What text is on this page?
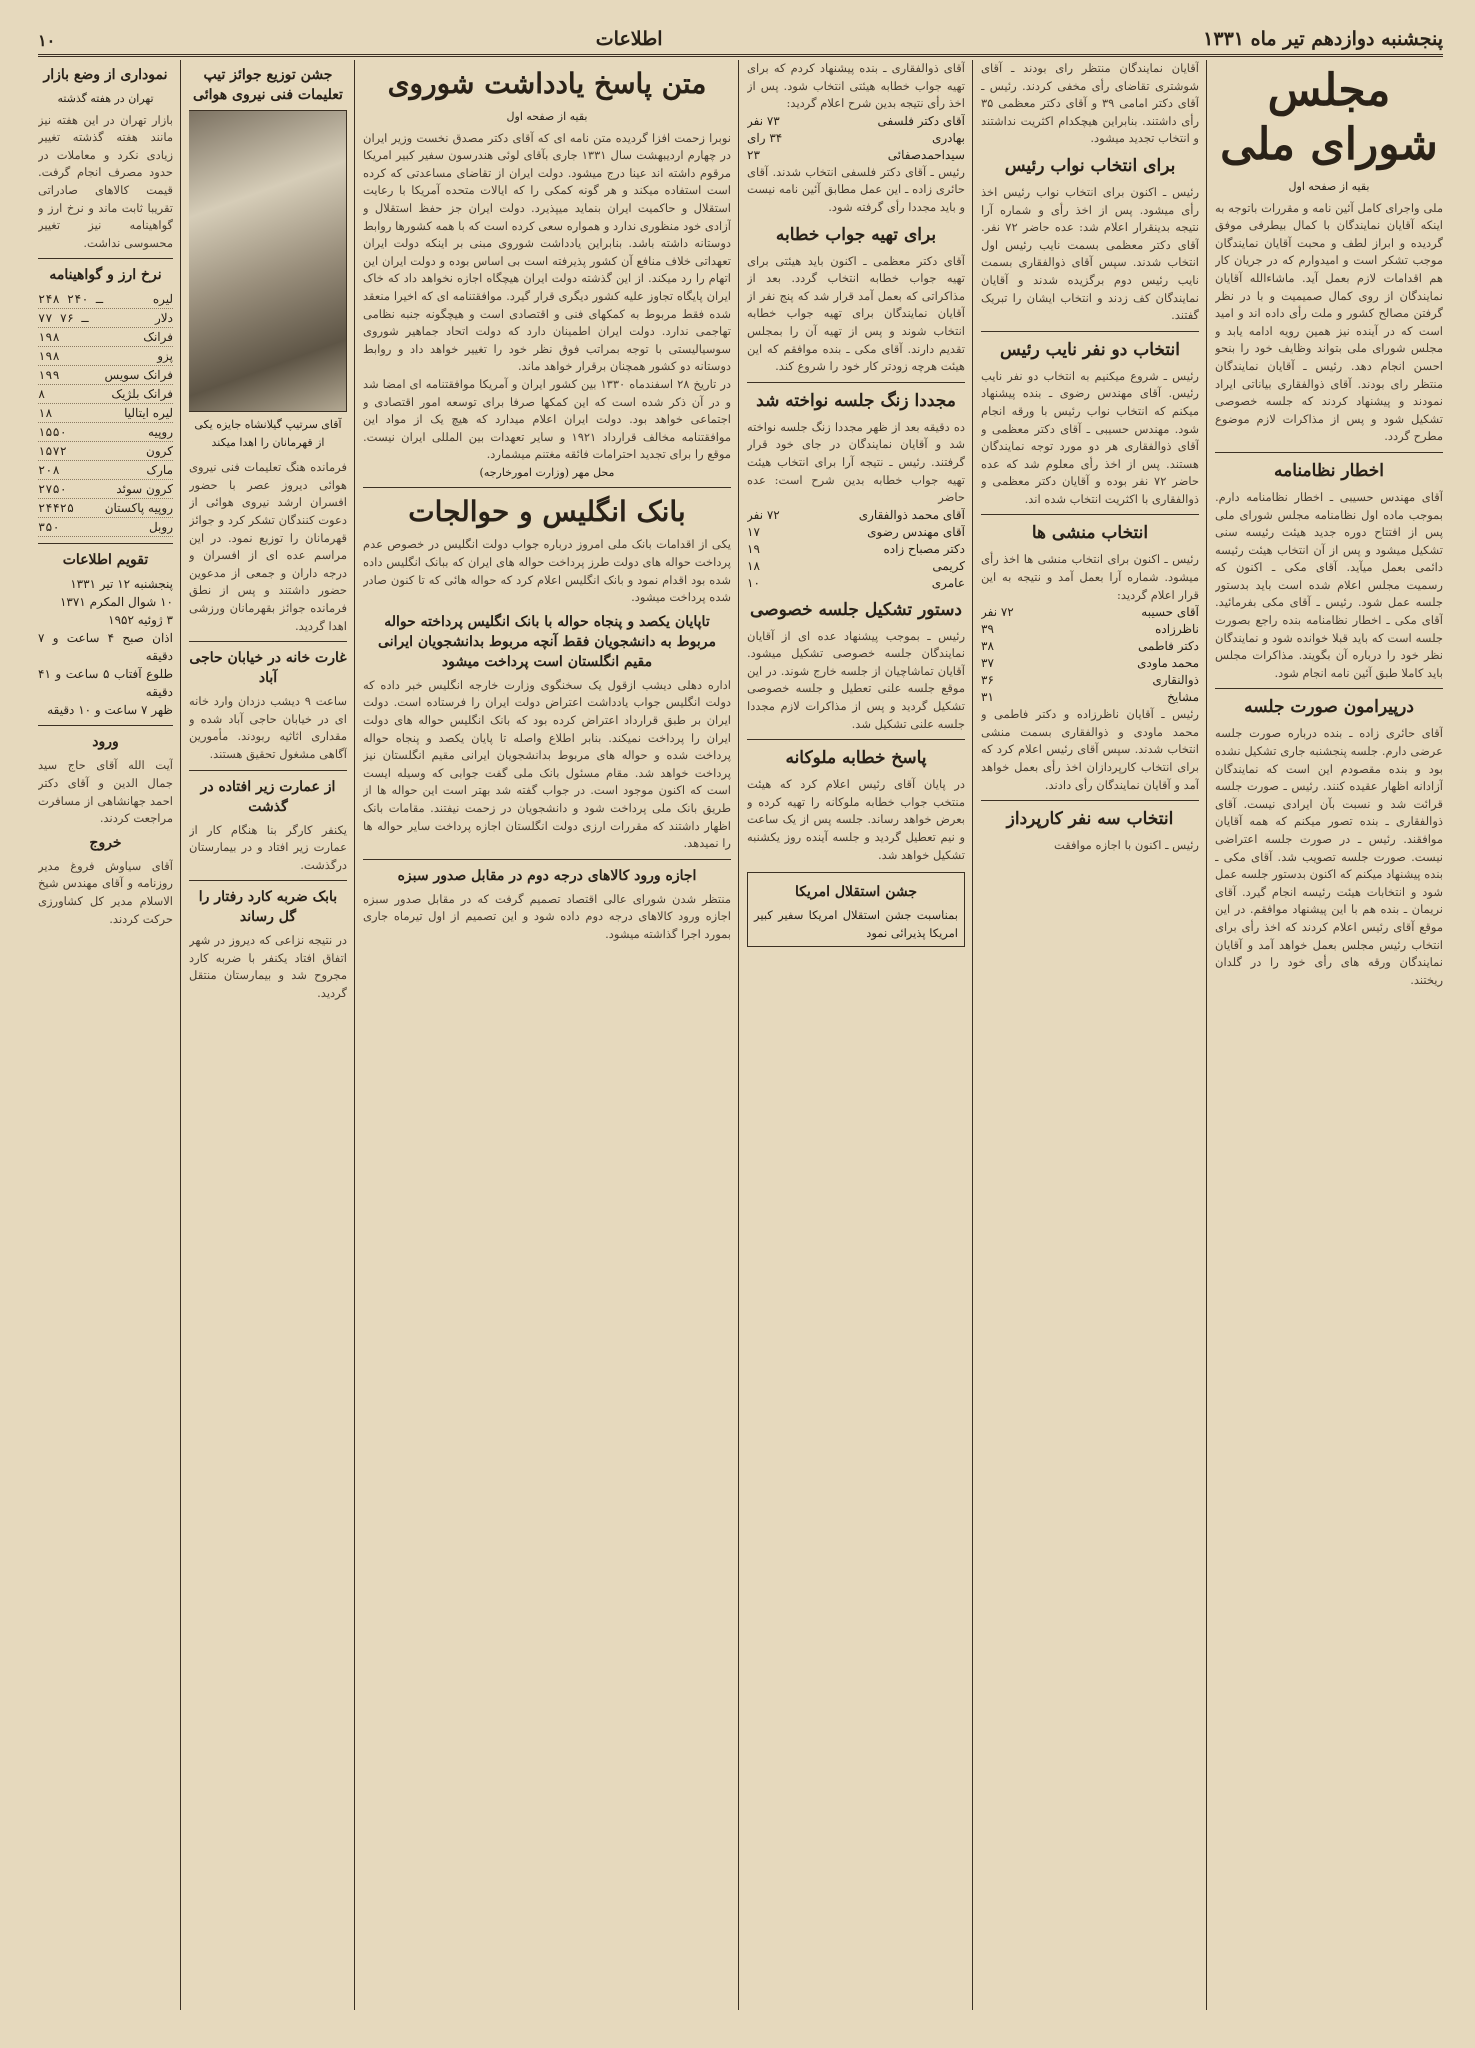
پنجشنبه دوازدهم تیر ماه ۱۳۳۱
اطلاعات
۱۰
مجلس شورای ملی
بقیه از صفحه اول
ملی واجرای کامل آئین نامه و مقررات باتوجه به اینکه آقایان نمایندگان با کمال بیطرفی موفق گردیده و ابراز لطف و محبت آقایان نمایندگان موجب تشکر است و امیدوارم که در جریان کار هم اقدامات لازم بعمل آید. ماشاءالله آقایان نمایندگان از روی کمال صمیمیت و با در نظر گرفتن مصالح کشور و ملت رأی داده اند و امید است که در آینده نیز همین رویه ادامه یابد و مجلس شورای ملی بتواند وظایف خود را بنحو احسن انجام دهد. رئیس ـ آقایان نمایندگان منتظر رای بودند. آقای ذوالفقاری بیاناتی ایراد نمودند و پیشنهاد کردند که جلسه خصوصی تشکیل شود و پس از مذاکرات لازم موضوع مطرح گردد.
اخطار نظامنامه
آقای مهندس حسیبی ـ اخطار نظامنامه دارم. بموجب ماده اول نظامنامه مجلس شورای ملی پس از افتتاح دوره جدید هیئت رئیسه سنی تشکیل میشود و پس از آن انتخاب هیئت رئیسه دائمی بعمل میآید. آقای مکی ـ اکنون که رسمیت مجلس اعلام شده است باید بدستور جلسه عمل شود. رئیس ـ آقای مکی بفرمائید. آقای مکی ـ اخطار نظامنامه بنده راجع بصورت جلسه است که باید قبلا خوانده شود و نمایندگان نظر خود را درباره آن بگویند. مذاکرات مجلس باید کاملا طبق آئین نامه انجام شود.
درپیرامون صورت جلسه
آقای حائری زاده ـ بنده درباره صورت جلسه عرضی دارم. جلسه پنجشنبه جاری تشکیل نشده بود و بنده مقصودم این است که نمایندگان آزادانه اظهار عقیده کنند. رئیس ـ صورت جلسه قرائت شد و نسبت بآن ایرادی نیست. آقای ذوالفقاری ـ بنده تصور میکنم که همه آقایان موافقند. رئیس ـ در صورت جلسه اعتراضی نیست. صورت جلسه تصویب شد. آقای مکی ـ بنده پیشنهاد میکنم که اکنون بدستور جلسه عمل شود و انتخابات هیئت رئیسه انجام گیرد. آقای نریمان ـ بنده هم با این پیشنهاد موافقم. در این موقع آقای رئیس اعلام کردند که اخذ رأی برای انتخاب رئیس مجلس بعمل خواهد آمد و آقایان نمایندگان ورقه های رأی خود را در گلدان ریختند.
آقایان نمایندگان منتظر رای بودند ـ آقای شوشتری تقاضای رأی مخفی کردند. رئیس ـ آقای دکتر امامی ۳۹ و آقای دکتر معظمی ۳۵ رأی داشتند. بنابراین هیچکدام اکثریت نداشتند و انتخاب تجدید میشود.
برای انتخاب نواب رئیس
رئیس ـ اکنون برای انتخاب نواب رئیس اخذ رأی میشود. پس از اخذ رأی و شماره آرا نتیجه بدینقرار اعلام شد: عده حاضر ۷۲ نفر. آقای دکتر معظمی بسمت نایب رئیس اول انتخاب شدند. سپس آقای ذوالفقاری بسمت نایب رئیس دوم برگزیده شدند و آقایان نمایندگان کف زدند و انتخاب ایشان را تبریک گفتند.
انتخاب دو نفر نایب رئیس
رئیس ـ شروع میکنیم به انتخاب دو نفر نایب رئیس. آقای مهندس رضوی ـ بنده پیشنهاد میکنم که انتخاب نواب رئیس با ورقه انجام شود. مهندس حسیبی ـ آقای دکتر معظمی و آقای ذوالفقاری هر دو مورد توجه نمایندگان هستند. پس از اخذ رأی معلوم شد که عده حاضر ۷۲ نفر بوده و آقایان دکتر معظمی و ذوالفقاری با اکثریت انتخاب شده اند.
انتخاب منشی ها
رئیس ـ اکنون برای انتخاب منشی ها اخذ رأی میشود. شماره آرا بعمل آمد و نتیجه به این قرار اعلام گردید:
آقای حسیبه
۷۲ نفر
ناظرزاده
۳۹
دکتر فاطمی
۳۸
محمد ماودی
۳۷
ذوالنقاری
۳۶
مشایخ
۳۱
رئیس ـ آقایان ناظرزاده و دکتر فاطمی و محمد ماودی و ذوالفقاری بسمت منشی انتخاب شدند. سپس آقای رئیس اعلام کرد که برای انتخاب کارپردازان اخذ رأی بعمل خواهد آمد و آقایان نمایندگان رأی دادند.
انتخاب سه نفر کارپرداز
رئیس ـ اکنون با اجازه موافقت
آقای ذوالفقاری ـ بنده پیشنهاد کردم که برای تهیه جواب خطابه هیئتی انتخاب شود. پس از اخذ رأی نتیجه بدین شرح اعلام گردید:
آقای دکتر فلسفی
۷۳ نفر
بهادری
۳۴ رای
سیداحمدصفائی
۲۳
رئیس ـ آقای دکتر فلسفی انتخاب شدند. آقای حائری زاده ـ این عمل مطابق آئین نامه نیست و باید مجددا رأی گرفته شود.
برای تهیه جواب خطابه
آقای دکتر معظمی ـ اکنون باید هیئتی برای تهیه جواب خطابه انتخاب گردد. بعد از مذاکراتی که بعمل آمد قرار شد که پنج نفر از آقایان نمایندگان برای تهیه جواب خطابه انتخاب شوند و پس از تهیه آن را بمجلس تقدیم دارند. آقای مکی ـ بنده موافقم که این هیئت هرچه زودتر کار خود را شروع کند.
مجددا زنگ جلسه نواخته شد
ده دقیقه بعد از ظهر مجددا زنگ جلسه نواخته شد و آقایان نمایندگان در جای خود قرار گرفتند. رئیس ـ نتیجه آرا برای انتخاب هیئت تهیه جواب خطابه بدین شرح است: عده حاضر
آقای محمد ذوالفقاری
۷۲ نفر
آقای مهندس رضوی
۱۷
دکتر مصباح زاده
۱۹
کریمی
۱۸
عامری
۱۰
دستور تشکیل جلسه خصوصی
رئیس ـ بموجب پیشنهاد عده ای از آقایان نمایندگان جلسه خصوصی تشکیل میشود. آقایان تماشاچیان از جلسه خارج شوند. در این موقع جلسه علنی تعطیل و جلسه خصوصی تشکیل گردید و پس از مذاکرات لازم مجددا جلسه علنی تشکیل شد.
پاسخ خطابه ملوکانه
در پایان آقای رئیس اعلام کرد که هیئت منتخب جواب خطابه ملوکانه را تهیه کرده و بعرض خواهد رساند. جلسه پس از یک ساعت و نیم تعطیل گردید و جلسه آینده روز یکشنبه تشکیل خواهد شد.
جشن استقلال امریکا
بمناسبت جشن استقلال امریکا سفیر کبیر امریکا پذیرائی نمود
متن پاسخ یادداشت شوروی
بقیه از صفحه اول
نوبرا زحمت افزا گردیده متن نامه ای که آقای دکتر مصدق نخست وزیر ایران در چهارم اردیبهشت سال ۱۳۳۱ جاری بآقای لوئی هندرسون سفیر کبیر امریکا مرقوم داشته اند عینا درج میشود. دولت ایران از تقاضای مساعدتی که کرده است استفاده میکند و هر گونه کمکی را که ایالات متحده آمریکا با رعایت استقلال و حاکمیت ایران بنماید میپذیرد. دولت ایران جز حفظ استقلال و آزادی خود منظوری ندارد و همواره سعی کرده است که با همه کشورها روابط دوستانه داشته باشد. بنابراین یادداشت شوروی مبنی بر اینکه دولت ایران تعهداتی خلاف منافع آن کشور پذیرفته است بی اساس بوده و دولت ایران این اتهام را رد میکند. از این گذشته دولت ایران هیچگاه اجازه نخواهد داد که خاک ایران پایگاه تجاوز علیه کشور دیگری قرار گیرد. موافقتنامه ای که اخیرا منعقد شده فقط مربوط به کمکهای فنی و اقتصادی است و هیچگونه جنبه نظامی تهاجمی ندارد. دولت ایران اطمینان دارد که دولت اتحاد جماهیر شوروی سوسیالیستی با توجه بمراتب فوق نظر خود را تغییر خواهد داد و روابط دوستانه دو کشور همچنان برقرار خواهد ماند.
در تاریخ ۲۸ اسفندماه ۱۳۳۰ بین کشور ایران و آمریکا موافقتنامه ای امضا شد و در آن ذکر شده است که این کمکها صرفا برای توسعه امور اقتصادی و اجتماعی خواهد بود. دولت ایران اعلام میدارد که هیچ یک از مواد این موافقتنامه مخالف قرارداد ۱۹۲۱ و سایر تعهدات بین المللی ایران نیست. موقع را برای تجدید احترامات فائقه مغتنم میشمارد.
محل مهر (وزارت امورخارجه)
بانک انگلیس و حوالجات
یکی از اقدامات بانک ملی امروز درباره جواب دولت انگلیس در خصوص عدم پرداخت حواله های دولت طرز پرداخت حواله های ایران که ببانک انگلیس داده شده بود اقدام نمود و بانک انگلیس اعلام کرد که حواله هائی که تا کنون صادر شده پرداخت میشود.
تاپایان یکصد و پنجاه حواله با بانک انگلیس پرداخته حواله مربوط به دانشجویان فقط آنچه مربوط بدانشجویان ایرانی مقیم انگلستان است پرداخت میشود
اداره دهلی دیشب ازقول یک سخنگوی وزارت خارجه انگلیس خبر داده که دولت انگلیس جواب یادداشت اعتراض دولت ایران را فرستاده است. دولت ایران بر طبق قرارداد اعتراض کرده بود که بانک انگلیس حواله های دولت ایران را پرداخت نمیکند. بنابر اطلاع واصله تا پایان یکصد و پنجاه حواله پرداخت شده و حواله های مربوط بدانشجویان ایرانی مقیم انگلستان نیز پرداخت خواهد شد. مقام مسئول بانک ملی گفت جوابی که وسیله ایست است که اکنون موجود است. در جواب گفته شد بهتر است این حواله ها از طریق بانک ملی پرداخت شود و دانشجویان در زحمت نیفتند. مقامات بانک اظهار داشتند که مقررات ارزی دولت انگلستان اجازه پرداخت سایر حواله ها را نمیدهد.
اجازه ورود کالاهای درجه دوم در مقابل صدور سبزه
منتظر شدن شورای عالی اقتصاد تصمیم گرفت که در مقابل صدور سبزه اجازه ورود کالاهای درجه دوم داده شود و این تصمیم از اول تیرماه جاری بمورد اجرا گذاشته میشود.
جشن توزیع جوائز تیپ تعلیمات فنی نیروی هوائی
آقای سرتیپ گیلانشاه جایزه یکی از قهرمانان را اهدا میکند
فرمانده هنگ تعلیمات فنی نیروی هوائی دیروز عصر با حضور افسران ارشد نیروی هوائی از دعوت کنندگان تشکر کرد و جوائز قهرمانان را توزیع نمود. در این مراسم عده ای از افسران و درجه داران و جمعی از مدعوین حضور داشتند و پس از نطق فرمانده جوائز بقهرمانان ورزشی اهدا گردید.
غارت خانه در خیابان حاجی آباد
ساعت ۹ دیشب دزدان وارد خانه ای در خیابان حاجی آباد شده و مقداری اثاثیه ربودند. مأمورین آگاهی مشغول تحقیق هستند.
از عمارت زیر افتاده در گذشت
یکنفر کارگر بنا هنگام کار از عمارت زیر افتاد و در بیمارستان درگذشت.
بابک ضربه کارد رفتار را گل رساند
در نتیجه نزاعی که دیروز در شهر اتفاق افتاد یکنفر با ضربه کارد مجروح شد و بیمارستان منتقل گردید.
نموداری از وضع بازار
تهران در هفته گذشته
بازار تهران در این هفته نیز مانند هفته گذشته تغییر زیادی نکرد و معاملات در حدود مصرف انجام گرفت. قیمت کالاهای صادراتی تقریبا ثابت ماند و نرخ ارز و گواهینامه نیز تغییر محسوسی نداشت.
نرخ ارز و گواهینامه
لیره
۲۴۸ ـ ۲۴۰
دلار
۷۷ ـ ۷۶
فرانک
۱۹۸
پزو
۱۹۸
فرانک سویس
۱۹۹
فرانک بلژیک
۸
لیره ایتالیا
۱۸
روپیه
۱۵۵۰
کرون
۱۵۷۲
مارک
۲۰۸
کرون سوئد
۲۷۵۰
روپیه پاکستان
۲۴۴۲۵
روبل
۳۵۰
تقویم اطلاعات
پنجشنبه ۱۲ تیر ۱۳۳۱
۱۰ شوال المکرم ۱۳۷۱
۳ ژوئیه ۱۹۵۲
اذان صبح ۴ ساعت و ۷ دقیقه
طلوع آفتاب ۵ ساعت و ۴۱ دقیقه
ظهر ۷ ساعت و ۱۰ دقیقه
ورود
آیت الله آقای حاج سید جمال الدین و آقای دکتر احمد جهانشاهی از مسافرت مراجعت کردند.
خروج
آقای سیاوش فروغ مدیر روزنامه و آقای مهندس شیخ الاسلام مدیر کل کشاورزی حرکت کردند.
